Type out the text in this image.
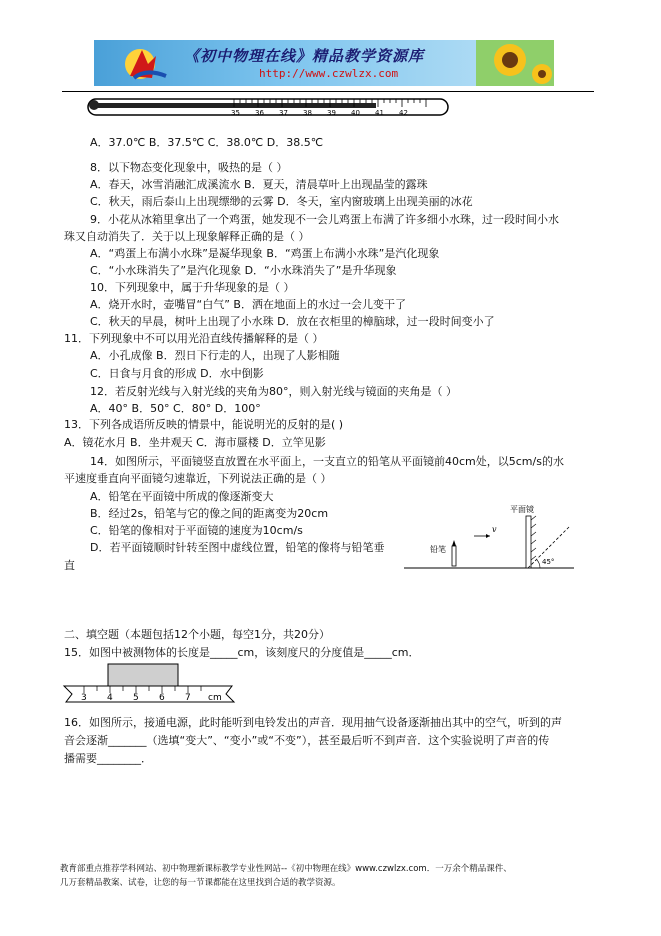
《初中物理在线》精品教学资源库
http://www.czwlzx.com
35 36 37 38 39 40 41 42
A．37.0℃ B．37.5℃ C．38.0℃ D．38.5℃
8．以下物态变化现象中，吸热的是（ ）
A．春天，冰雪消融汇成溪流水 B．夏天，清晨草叶上出现晶莹的露珠
C．秋天，雨后泰山上出现缥缈的云雾 D．冬天，室内窗玻璃上出现美丽的冰花
9．小花从冰箱里拿出了一个鸡蛋，她发现不一会儿鸡蛋上布满了许多细小水珠，过一段时间小水
珠又自动消失了．关于以上现象解释正确的是（ ）
A．“鸡蛋上布满小水珠”是凝华现象 B．“鸡蛋上布满小水珠”是汽化现象
C．“小水珠消失了”是汽化现象 D．“小水珠消失了”是升华现象
10．下列现象中，属于升华现象的是（ ）
A．烧开水时，壶嘴冒“白气” B．洒在地面上的水过一会儿变干了
C．秋天的早晨，树叶上出现了小水珠 D．放在衣柜里的樟脑球，过一段时间变小了
11．下列现象中不可以用光沿直线传播解释的是（ ）
A．小孔成像 B．烈日下行走的人，出现了人影相随
C．日食与月食的形成 D．水中倒影
12．若反射光线与入射光线的夹角为80°，则入射光线与镜面的夹角是（ ）
A．40° B．50° C．80° D．100°
13．下列各成语所反映的情景中，能说明光的反射的是( )
A．镜花水月 B．坐井观天 C．海市蜃楼 D．立竿见影
14．如图所示，平面镜竖直放置在水平面上，一支直立的铅笔从平面镜前40cm处，以5cm/s的水
平速度垂直向平面镜匀速靠近，下列说法正确的是（ ）
A．铅笔在平面镜中所成的像逐渐变大
B．经过2s，铅笔与它的像之间的距离变为20cm
C．铅笔的像相对于平面镜的速度为10cm/s
D．若平面镜顺时针转至图中虚线位置，铅笔的像将与铅笔垂
直
二、填空题（本题包括12个小题，每空1分，共20分）
15．如图中被测物体的长度是_____cm，该刻度尺的分度值是_____cm．
16．如图所示，接通电源，此时能听到电铃发出的声音．现用抽气设备逐渐抽出其中的空气，听到的声
音会逐渐_______（选填“变大”、“变小”或“不变”），甚至最后听不到声音．这个实验说明了声音的传
播需要________．
平面镜
铅笔
v
45°
3 4 5 6 7 cm
教育部重点推荐学科网站、初中物理新课标教学专业性网站--《初中物理在线》www.czwlzx.com．一万余个精品课件、
几万套精品教案、试卷，让您的每一节课都能在这里找到合适的教学资源。
